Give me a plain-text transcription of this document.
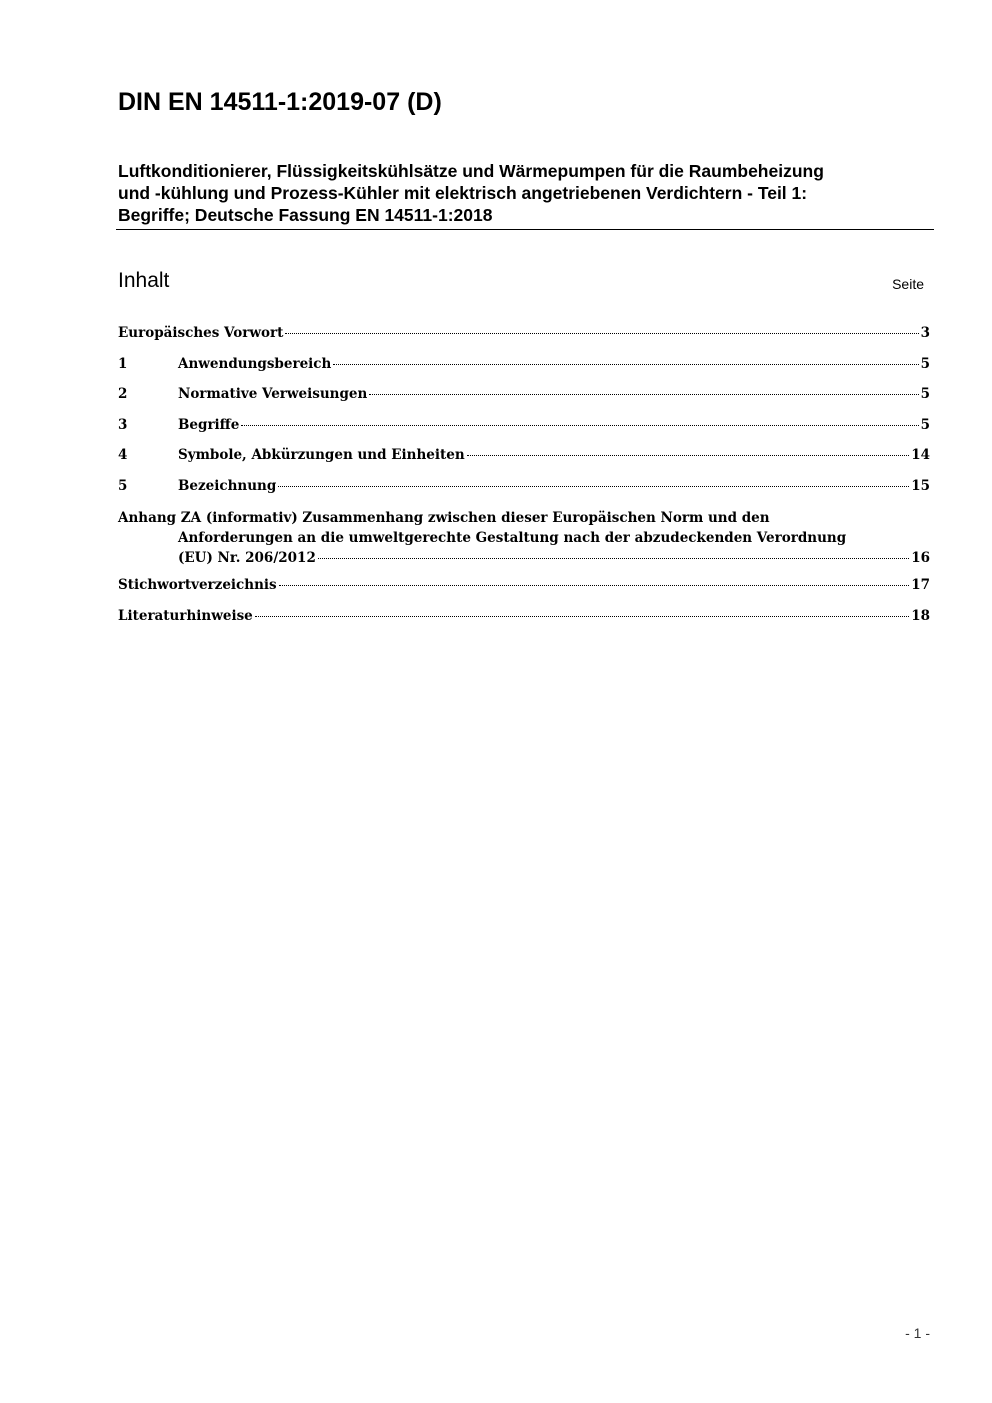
DIN EN 14511-1:2019-07 (D)
Luftkonditionierer, Flüssigkeitskühlsätze und Wärmepumpen für die Raumbeheizung
und -kühlung und Prozess-Kühler mit elektrisch angetriebenen Verdichtern - Teil 1:
Begriffe; Deutsche Fassung EN 14511-1:2018
Inhalt	Seite
Europäisches Vorwort	3
1	Anwendungsbereich	5
2	Normative Verweisungen	5
3	Begriffe	5
4	Symbole, Abkürzungen und Einheiten	14
5	Bezeichnung	15
Anhang ZA (informativ) Zusammenhang zwischen dieser Europäischen Norm und den
Anforderungen an die umweltgerechte Gestaltung nach der abzudeckenden Verordnung
(EU) Nr. 206/2012	16
Stichwortverzeichnis	17
Literaturhinweise	18
- 1 -
